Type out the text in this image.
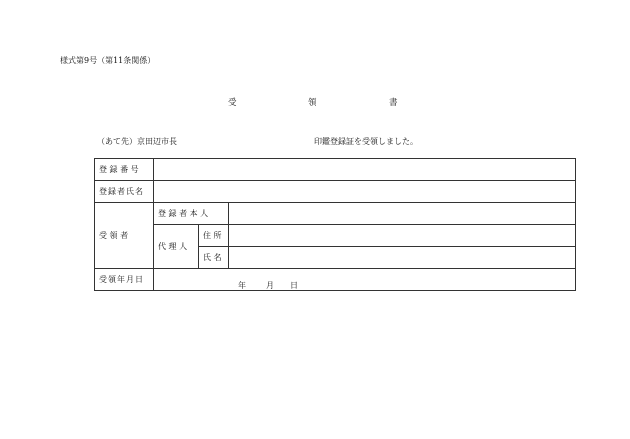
様式第9号（第11条関係）
受	領	書
（あて先）京田辺市長	印鑑登録証を受領しました。
登 録 番 号			
登録者氏名			
受 領 者	登 録 者 本 人		
	代 理 人	住 所	
		氏 名	
受領年月日	年 月 日		
